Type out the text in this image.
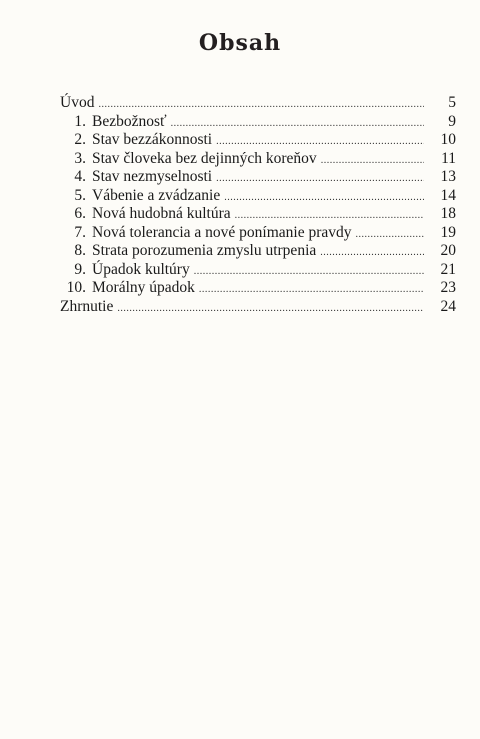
Obsah
Úvod .....	5
1. Bezbožnosť .....	9
2. Stav bezzákonnosti .....	10
3. Stav človeka bez dejinných koreňov .....	11
4. Stav nezmyselnosti .....	13
5. Vábenie a zvádzanie .....	14
6. Nová hudobná kultúra .....	18
7. Nová tolerancia a nové ponímanie pravdy .....	19
8. Strata porozumenia zmyslu utrpenia .....	20
9. Úpadok kultúry .....	21
10. Morálny úpadok .....	23
Zhrnutie .....	24
